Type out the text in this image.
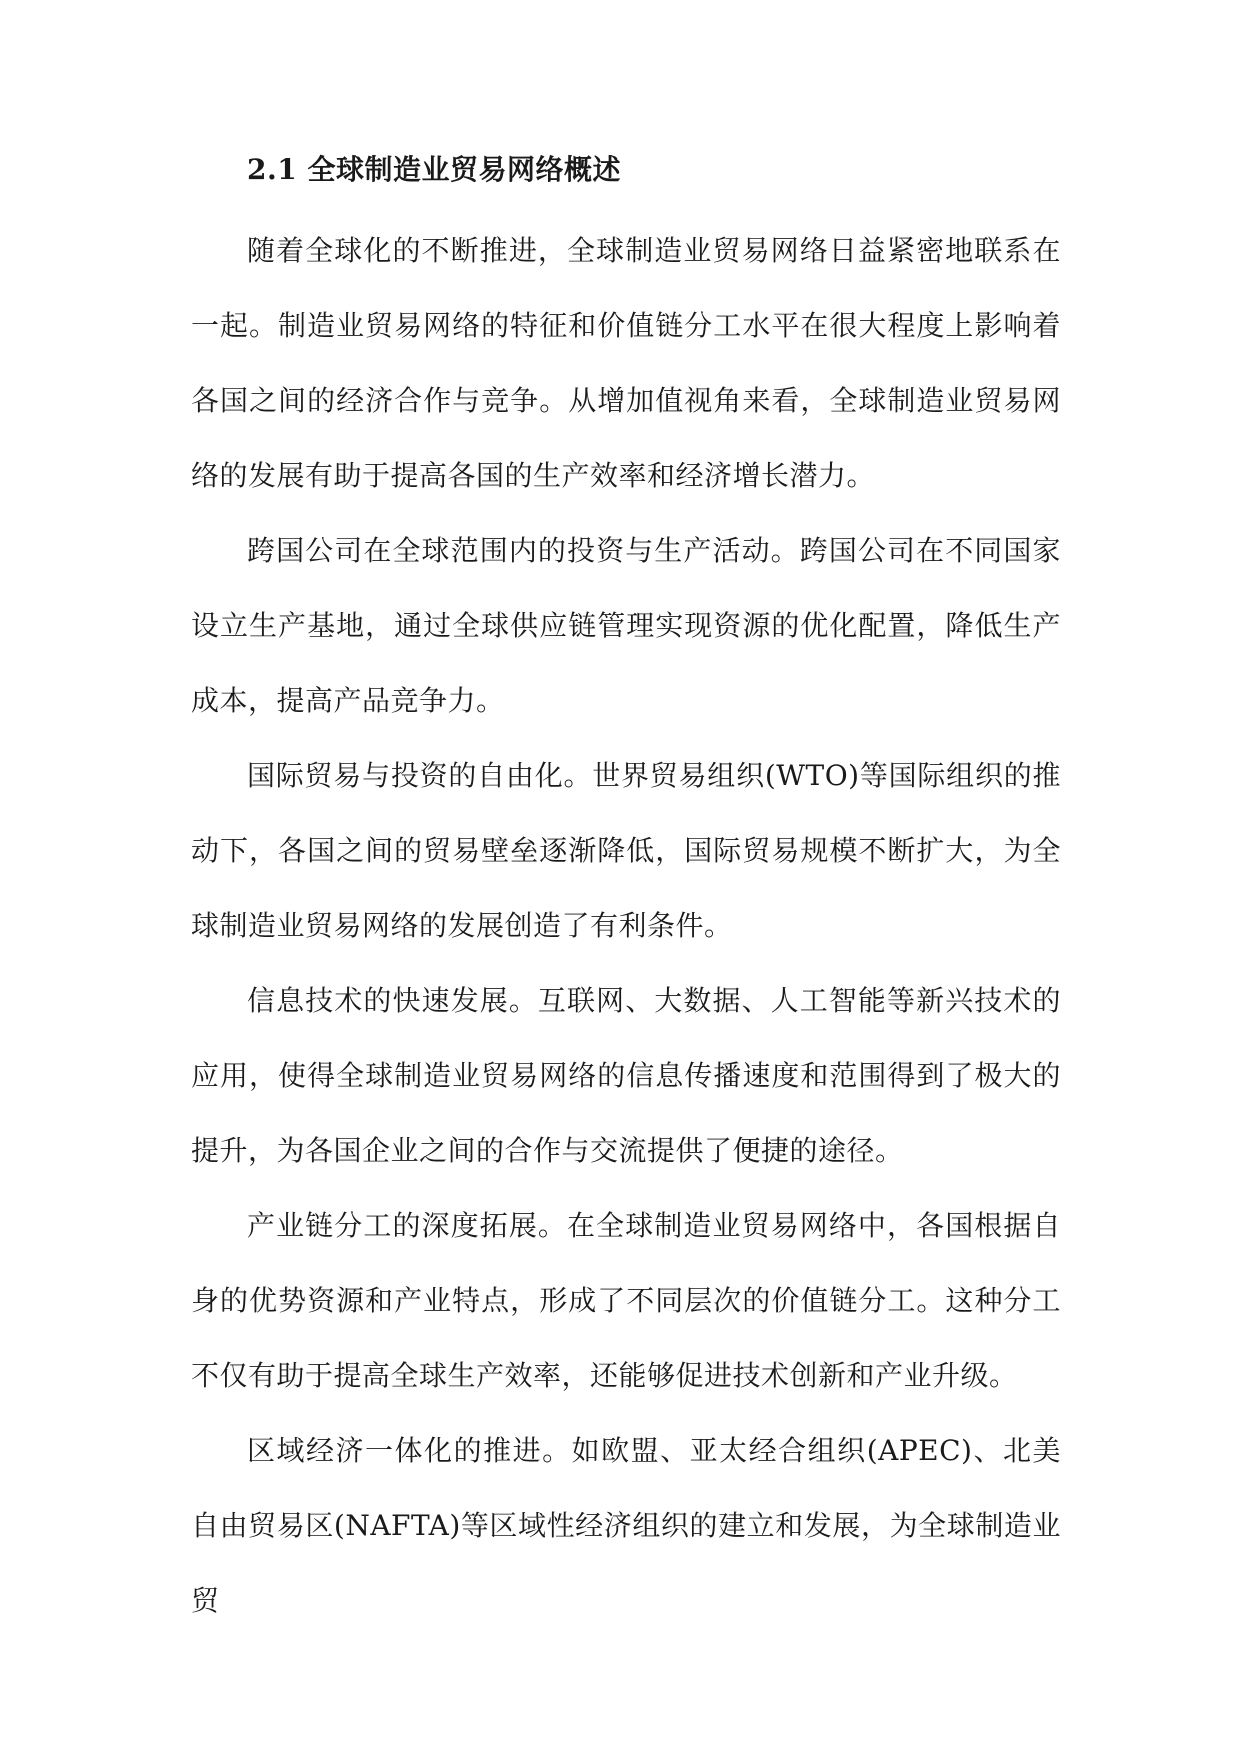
2.1 全球制造业贸易网络概述

随着全球化的不断推进，全球制造业贸易网络日益紧密地联系在一起。制造业贸易网络的特征和价值链分工水平在很大程度上影响着各国之间的经济合作与竞争。从增加值视角来看，全球制造业贸易网络的发展有助于提高各国的生产效率和经济增长潜力。

跨国公司在全球范围内的投资与生产活动。跨国公司在不同国家设立生产基地，通过全球供应链管理实现资源的优化配置，降低生产成本，提高产品竞争力。

国际贸易与投资的自由化。世界贸易组织(WTO)等国际组织的推动下，各国之间的贸易壁垒逐渐降低，国际贸易规模不断扩大，为全球制造业贸易网络的发展创造了有利条件。

信息技术的快速发展。互联网、大数据、人工智能等新兴技术的应用，使得全球制造业贸易网络的信息传播速度和范围得到了极大的提升，为各国企业之间的合作与交流提供了便捷的途径。

产业链分工的深度拓展。在全球制造业贸易网络中，各国根据自身的优势资源和产业特点，形成了不同层次的价值链分工。这种分工不仅有助于提高全球生产效率，还能够促进技术创新和产业升级。

区域经济一体化的推进。如欧盟、亚太经合组织(APEC)、北美自由贸易区(NAFTA)等区域性经济组织的建立和发展，为全球制造业贸
